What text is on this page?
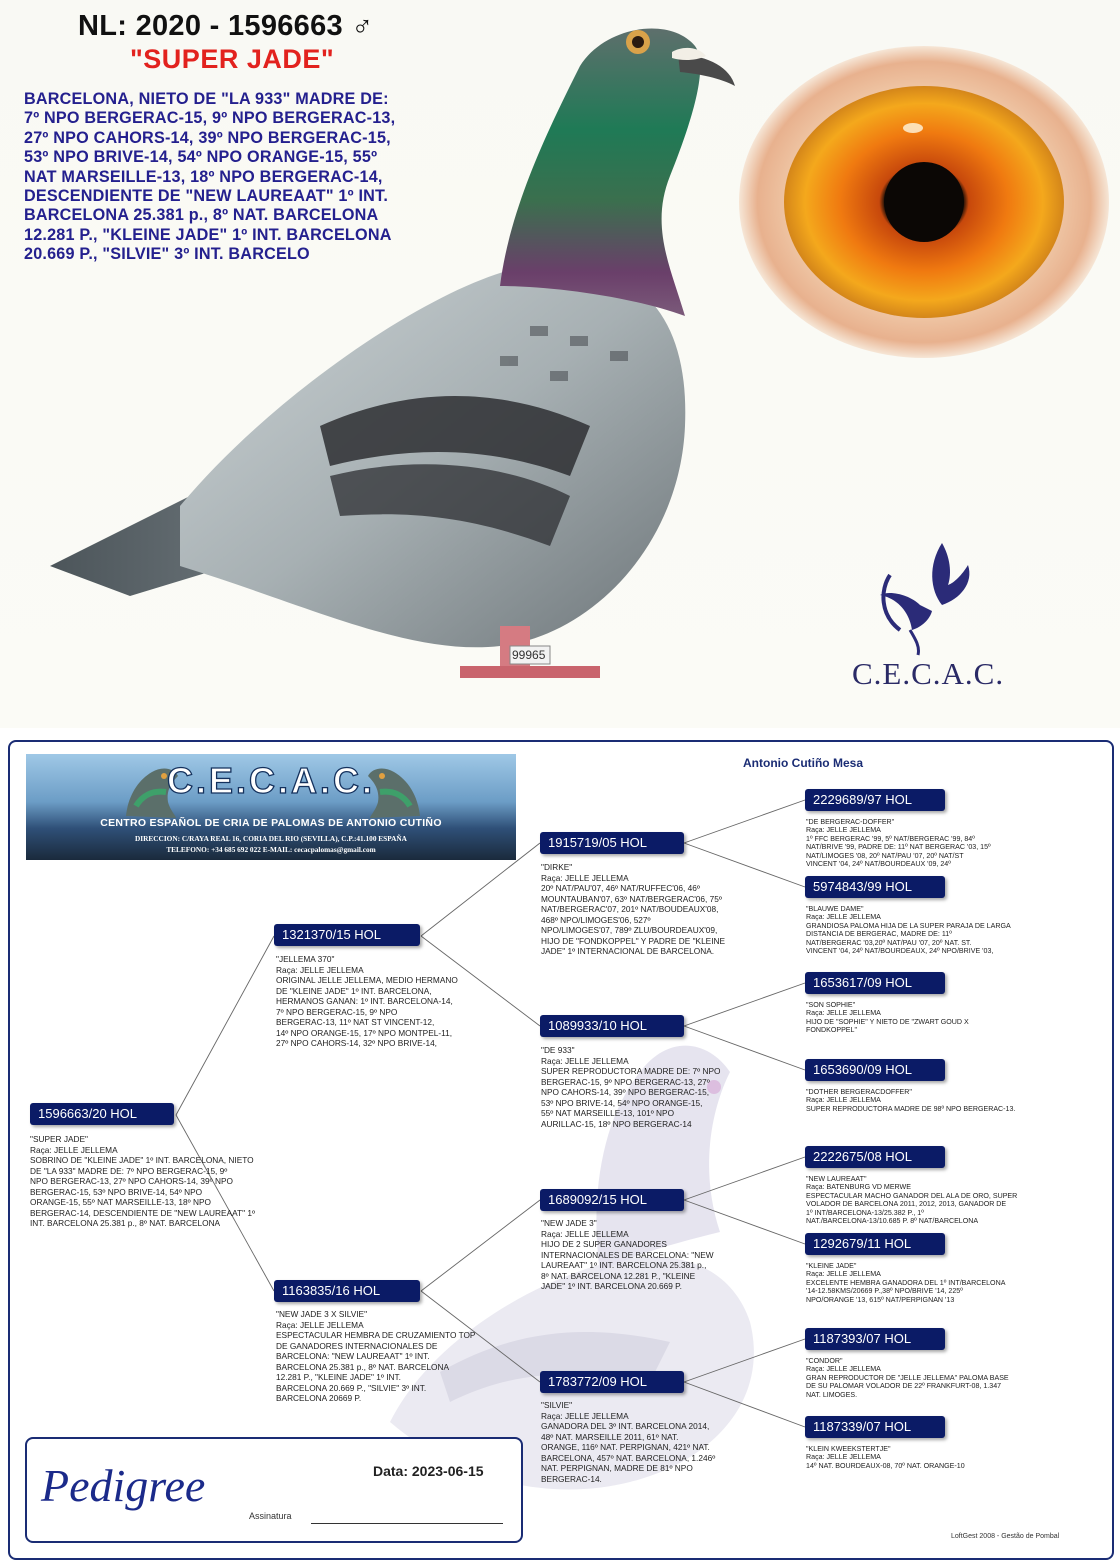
99965
NL: 2020 - 1596663 ♂
"SUPER JADE"
BARCELONA, NIETO DE "LA 933" MADRE DE:
7º NPO BERGERAC-15, 9º NPO BERGERAC-13,
27º NPO CAHORS-14, 39º NPO BERGERAC-15,
53º NPO BRIVE-14, 54º NPO ORANGE-15, 55º
NAT MARSEILLE-13, 18º NPO BERGERAC-14,
DESCENDIENTE DE "NEW LAUREAAT" 1º INT.
BARCELONA 25.381 p., 8º NAT. BARCELONA
12.281 P., "KLEINE JADE" 1º INT. BARCELONA
20.669 P., "SILVIE" 3º INT. BARCELO
C.E.C.A.C.
C.E.C.A.C.
CENTRO ESPAÑOL DE CRIA DE PALOMAS DE ANTONIO CUTIÑO
DIRECCION: C/RAYA REAL 16, CORIA DEL RIO (SEVILLA), C.P.:41.100 ESPAÑA
TELEFONO: +34 685 692 022 E-MAIL: cecacpalomas@gmail.com
Antonio Cutiño Mesa
1596663/20 HOL
"SUPER JADE"
Raça: JELLE JELLEMA
SOBRINO DE "KLEINE JADE" 1º INT. BARCELONA, NIETO
DE "LA 933" MADRE DE: 7º NPO BERGERAC-15, 9º
NPO BERGERAC-13, 27º NPO CAHORS-14, 39º NPO
BERGERAC-15, 53º NPO BRIVE-14, 54º NPO
ORANGE-15, 55º NAT MARSEILLE-13, 18º NPO
BERGERAC-14, DESCENDIENTE DE "NEW LAUREAAT" 1º
INT. BARCELONA 25.381 p., 8º NAT. BARCELONA
1321370/15 HOL
"JELLEMA 370"
Raça: JELLE JELLEMA
ORIGINAL JELLE JELLEMA, MEDIO HERMANO
DE "KLEINE JADE" 1º INT. BARCELONA,
HERMANOS GANAN: 1º INT. BARCELONA-14,
7º NPO BERGERAC-15, 9º NPO
BERGERAC-13, 11º NAT ST VINCENT-12,
14º NPO ORANGE-15, 17º NPO MONTPEL-11,
27º NPO CAHORS-14, 32º NPO BRIVE-14,
1163835/16 HOL
"NEW JADE 3 X SILVIE"
Raça: JELLE JELLEMA
ESPECTACULAR HEMBRA DE CRUZAMIENTO TOP
DE GANADORES INTERNACIONALES DE
BARCELONA: "NEW LAUREAAT" 1º INT.
BARCELONA 25.381 p., 8º NAT. BARCELONA
12.281 P., "KLEINE JADE" 1º INT.
BARCELONA 20.669 P., "SILVIE" 3º INT.
BARCELONA 20669 P.
1915719/05 HOL
"DIRKE"
Raça: JELLE JELLEMA
20º NAT/PAU'07, 46º NAT/RUFFEC'06, 46º
MOUNTAUBAN'07, 63º NAT/BERGERAC'06, 75º
NAT/BERGERAC'07, 201º NAT/BOUDEAUX'08,
468º NPO/LIMOGES'06, 527º
NPO/LIMOGES'07, 789º ZLU/BOURDEAUX'09,
HIJO DE "FONDKOPPEL" Y PADRE DE "KLEINE
JADE" 1º INTERNACIONAL DE BARCELONA.
1089933/10 HOL
"DE 933"
Raça: JELLE JELLEMA
SUPER REPRODUCTORA MADRE DE: 7º NPO
BERGERAC-15, 9º NPO BERGERAC-13, 27º
NPO CAHORS-14, 39º NPO BERGERAC-15,
53º NPO BRIVE-14, 54º NPO ORANGE-15,
55º NAT MARSEILLE-13, 101º NPO
AURILLAC-15, 18º NPO BERGERAC-14
1689092/15 HOL
"NEW JADE 3"
Raça: JELLE JELLEMA
HIJO DE 2 SUPER GANADORES
INTERNACIONALES DE BARCELONA: "NEW
LAUREAAT" 1º INT. BARCELONA 25.381 p.,
8º NAT. BARCELONA 12.281 P., "KLEINE
JADE" 1º INT. BARCELONA 20.669 P.
1783772/09 HOL
"SILVIE"
Raça: JELLE JELLEMA
GANADORA DEL 3º INT. BARCELONA 2014,
48º NAT. MARSEILLE 2011, 61º NAT.
ORANGE, 116º NAT. PERPIGNAN, 421º NAT.
BARCELONA, 457º NAT. BARCELONA, 1.246º
NAT. PERPIGNAN, MADRE DE 81º NPO
BERGERAC-14.
2229689/97 HOL
"DE BERGERAC-DOFFER"
Raça: JELLE JELLEMA
1º FFC BERGERAC '99, 5º NAT/BERGERAC '99, 84º
NAT/BRIVE '99, PADRE DE: 11º NAT BERGERAC '03, 15º
NAT/LIMOGES '08, 20º NAT/PAU '07, 20º NAT/ST
VINCENT '04, 24º NAT/BOURDEAUX '09, 24º
5974843/99 HOL
"BLAUWE DAME"
Raça: JELLE JELLEMA
GRANDIOSA PALOMA HIJA DE LA SUPER PARAJA DE LARGA
DISTANCIA DE BERGERAC, MADRE DE: 11º
NAT/BERGERAC '03,20º NAT/PAU '07, 20º NAT. ST.
VINCENT '04, 24º NAT/BOURDEAUX, 24º NPO/BRIVE '03,
1653617/09 HOL
"SON SOPHIE"
Raça: JELLE JELLEMA
HIJO DE "SOPHIE" Y NIETO DE "ZWART GOUD X
FONDKOPPEL"
1653690/09 HOL
"DOTHER BERGERACDOFFER"
Raça: JELLE JELLEMA
SUPER REPRODUCTORA MADRE DE 98º NPO BERGERAC-13.
2222675/08 HOL
"NEW LAUREAAT"
Raça: BATENBURG VD MERWE
ESPECTACULAR MACHO GANADOR DEL ALA DE ORO, SUPER
VOLADOR DE BARCELONA 2011, 2012, 2013, GANADOR DE
1º INT/BARCELONA-13/25.382 P., 1º
NAT./BARCELONA-13/10.685 P. 8º NAT/BARCELONA
1292679/11 HOL
"KLEINE JADE"
Raça: JELLE JELLEMA
EXCELENTE HEMBRA GANADORA DEL 1º INT/BARCELONA
'14-12.58KMS/20669 P.,38º NPO/BRIVE '14, 225º
NPO/ORANGE '13, 615º NAT/PERPIGNAN '13
1187393/07 HOL
"CONDOR"
Raça: JELLE JELLEMA
GRAN REPRODUCTOR DE "JELLE JELLEMA" PALOMA BASE
DE SU PALOMAR VOLADOR DE 22º FRANKFURT-08, 1.347
NAT. LIMOGES.
1187339/07 HOL
"KLEIN KWEEKSTERTJE"
Raça: JELLE JELLEMA
14º NAT. BOURDEAUX-08, 70º NAT. ORANGE-10
Pedigree	Data: 2023-06-15
Assinatura
LoftGest 2008 - Gestão de Pombal
